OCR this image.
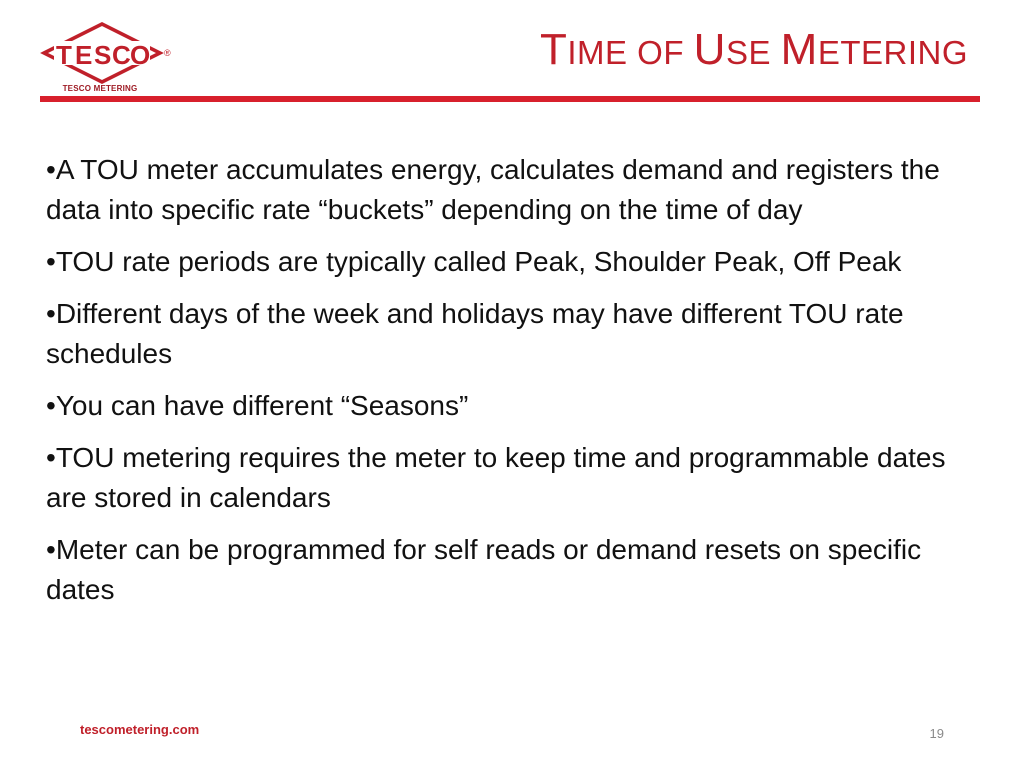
T E S C O ®
TESCO METERING
TIME OF USE METERING
• A TOU meter accumulates energy, calculates demand and registers the data into specific rate “buckets” depending on the time of day
• TOU rate periods are typically called Peak, Shoulder Peak, Off Peak
• Different days of the week and holidays may have different TOU rate schedules
• You can have different “Seasons”
• TOU metering requires the meter to keep time and programmable dates are stored in calendars
• Meter can be programmed for self reads or demand resets on specific dates
tescometering.com	19
